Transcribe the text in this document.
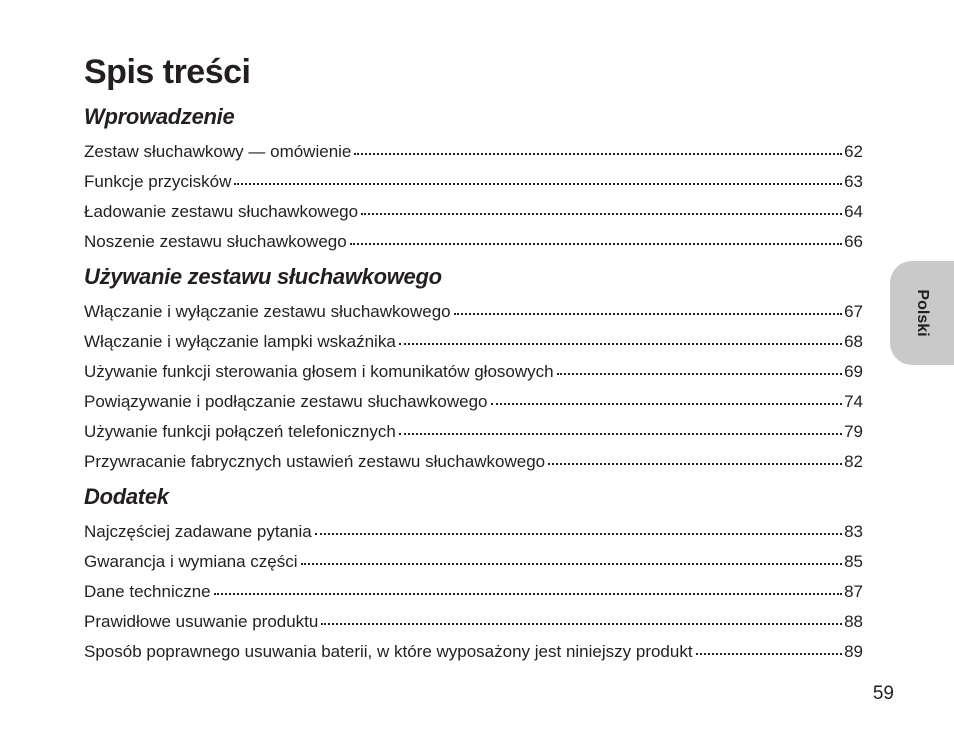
Spis treści
Wprowadzenie
Zestaw słuchawkowy — omówienie	62
Funkcje przycisków	63
Ładowanie zestawu słuchawkowego	64
Noszenie zestawu słuchawkowego	66
Używanie zestawu słuchawkowego
Włączanie i wyłączanie zestawu słuchawkowego	67
Włączanie i wyłączanie lampki wskaźnika	68
Używanie funkcji sterowania głosem i komunikatów głosowych	69
Powiązywanie i podłączanie zestawu słuchawkowego	74
Używanie funkcji połączeń telefonicznych	79
Przywracanie fabrycznych ustawień zestawu słuchawkowego	82
Dodatek
Najczęściej zadawane pytania	83
Gwarancja i wymiana części	85
Dane techniczne	87
Prawidłowe usuwanie produktu	88
Sposób poprawnego usuwania baterii, w które wyposażony jest niniejszy produkt	89
Polski
59
